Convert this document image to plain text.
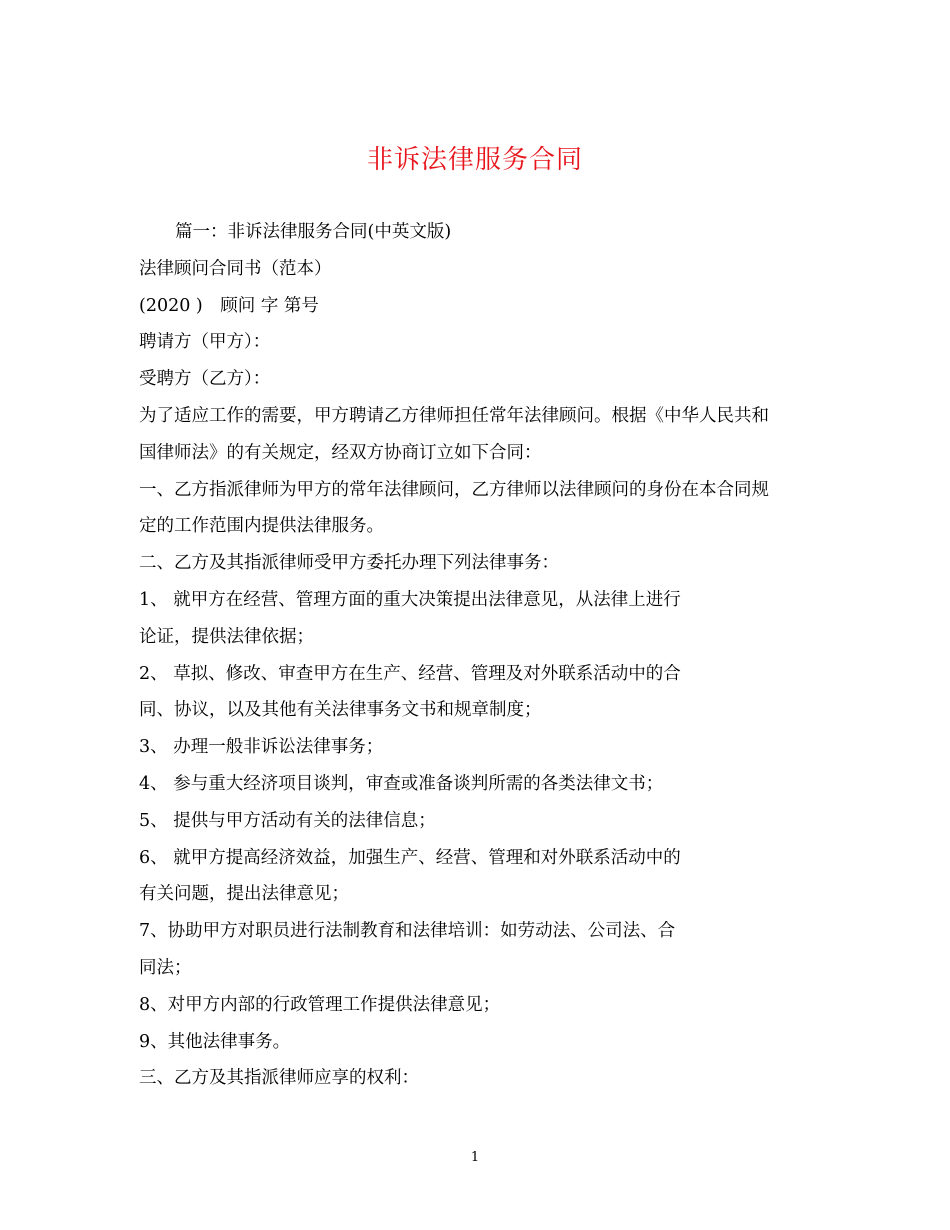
非诉法律服务合同
篇一：非诉法律服务合同(中英文版)
法律顾问合同书（范本）
(2020 )　顾问 字 第号
聘请方（甲方）：
受聘方（乙方）：
为了适应工作的需要，甲方聘请乙方律师担任常年法律顾问。根据《中华人民共和
国律师法》的有关规定，经双方协商订立如下合同：
一、乙方指派律师为甲方的常年法律顾问，乙方律师以法律顾问的身份在本合同规
定的工作范围内提供法律服务。
二、乙方及其指派律师受甲方委托办理下列法律事务：
1、 就甲方在经营、管理方面的重大决策提出法律意见，从法律上进行
论证，提供法律依据；
2、 草拟、修改、审查甲方在生产、经营、管理及对外联系活动中的合
同、协议，以及其他有关法律事务文书和规章制度；
3、 办理一般非诉讼法律事务；
4、 参与重大经济项目谈判，审查或准备谈判所需的各类法律文书；
5、 提供与甲方活动有关的法律信息；
6、 就甲方提高经济效益，加强生产、经营、管理和对外联系活动中的
有关问题，提出法律意见；
7、协助甲方对职员进行法制教育和法律培训：如劳动法、公司法、合
同法；
8、对甲方内部的行政管理工作提供法律意见；
9、其他法律事务。
三、乙方及其指派律师应享的权利：
1
